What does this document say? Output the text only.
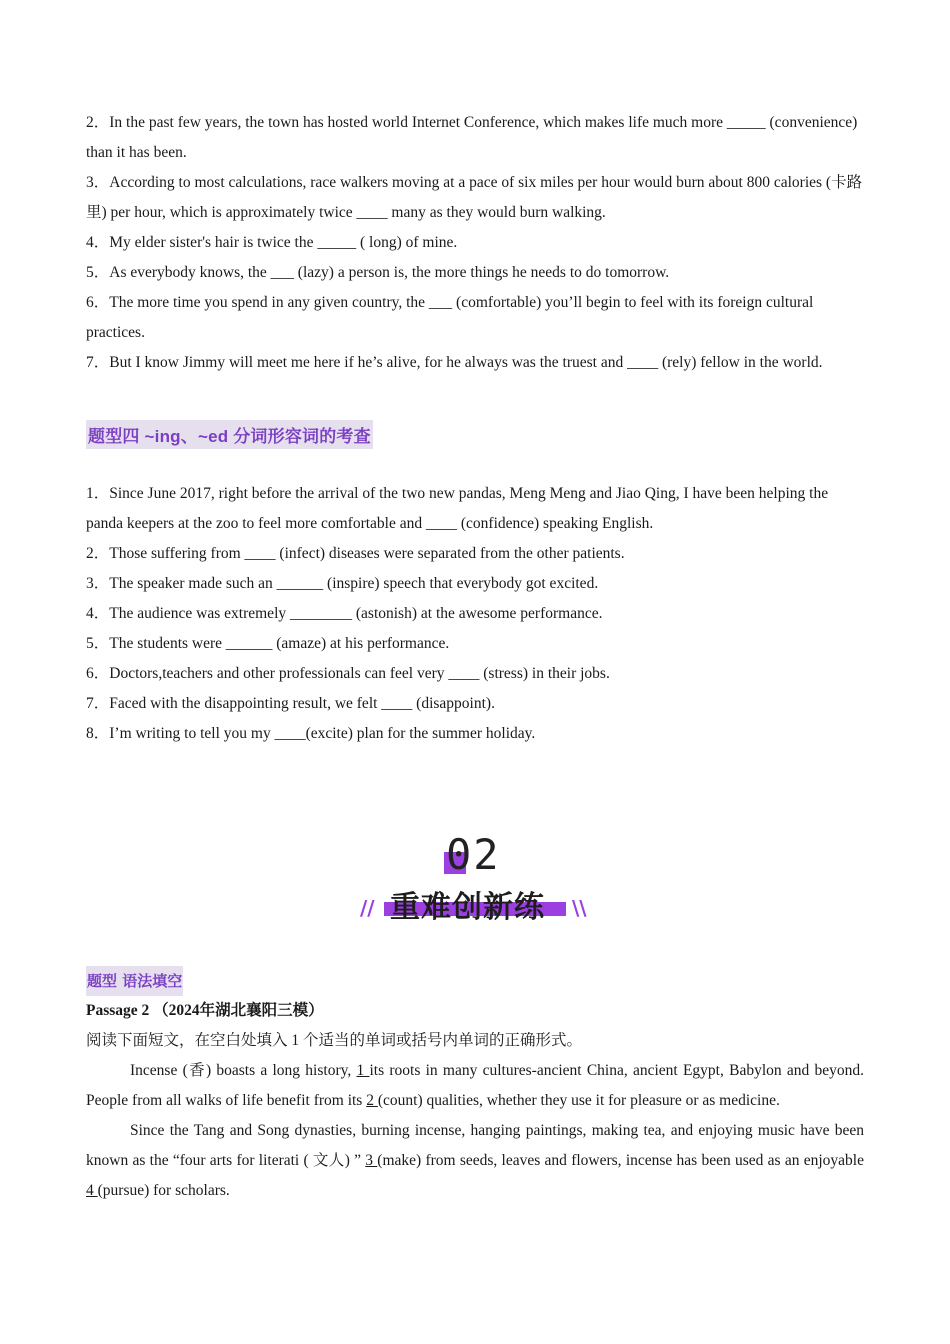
2．In the past few years, the town has hosted world Internet Conference, which makes life much more _____ (convenience) than it has been.

3．According to most calculations, race walkers moving at a pace of six miles per hour would burn about 800 calories (卡路里) per hour, which is approximately twice ____ many as they would burn walking.

4．My elder sister's hair is twice the _____ ( long) of mine.

5．As everybody knows, the ___ (lazy) a person is, the more things he needs to do tomorrow.

6．The more time you spend in any given country, the ___ (comfortable) you’ll begin to feel with its foreign cultural practices.

7．But I know Jimmy will meet me here if he’s alive, for he always was the truest and ____ (rely) fellow in the world.

题型四 ~ing、~ed 分词形容词的考查

1．Since June 2017, right before the arrival of the two new pandas, Meng Meng and Jiao Qing, I have been helping the panda keepers at the zoo to feel more comfortable and ____ (confidence) speaking English.

2．Those suffering from ____ (infect) diseases were separated from the other patients.

3．The speaker made such an ______ (inspire) speech that everybody got excited.

4．The audience was extremely ________ (astonish) at the awesome performance.

5．The students were ______ (amaze) at his performance.

6．Doctors,teachers and other professionals can feel very ____ (stress) in their jobs.

7．Faced with the disappointing result, we felt ____ (disappoint).

8．I’m writing to tell you my ____(excite) plan for the summer holiday.

02
重难创新练
//	\\
题型 语法填空
Passage 2 （2024年湖北襄阳三模）
阅读下面短文，在空白处填入 1 个适当的单词或括号内单词的正确形式。

Incense (香) boasts a long history, 1 its roots in many cultures-ancient China, ancient Egypt, Babylon and beyond. People from all walks of life benefit from its 2 (count) qualities, whether they use it for pleasure or as medicine.

Since the Tang and Song dynasties, burning incense, hanging paintings, making tea, and enjoying music have been known as the “four arts for literati ( 文人) ” 3 (make) from seeds, leaves and flowers, incense has been used as an enjoyable 4 (pursue) for scholars.
